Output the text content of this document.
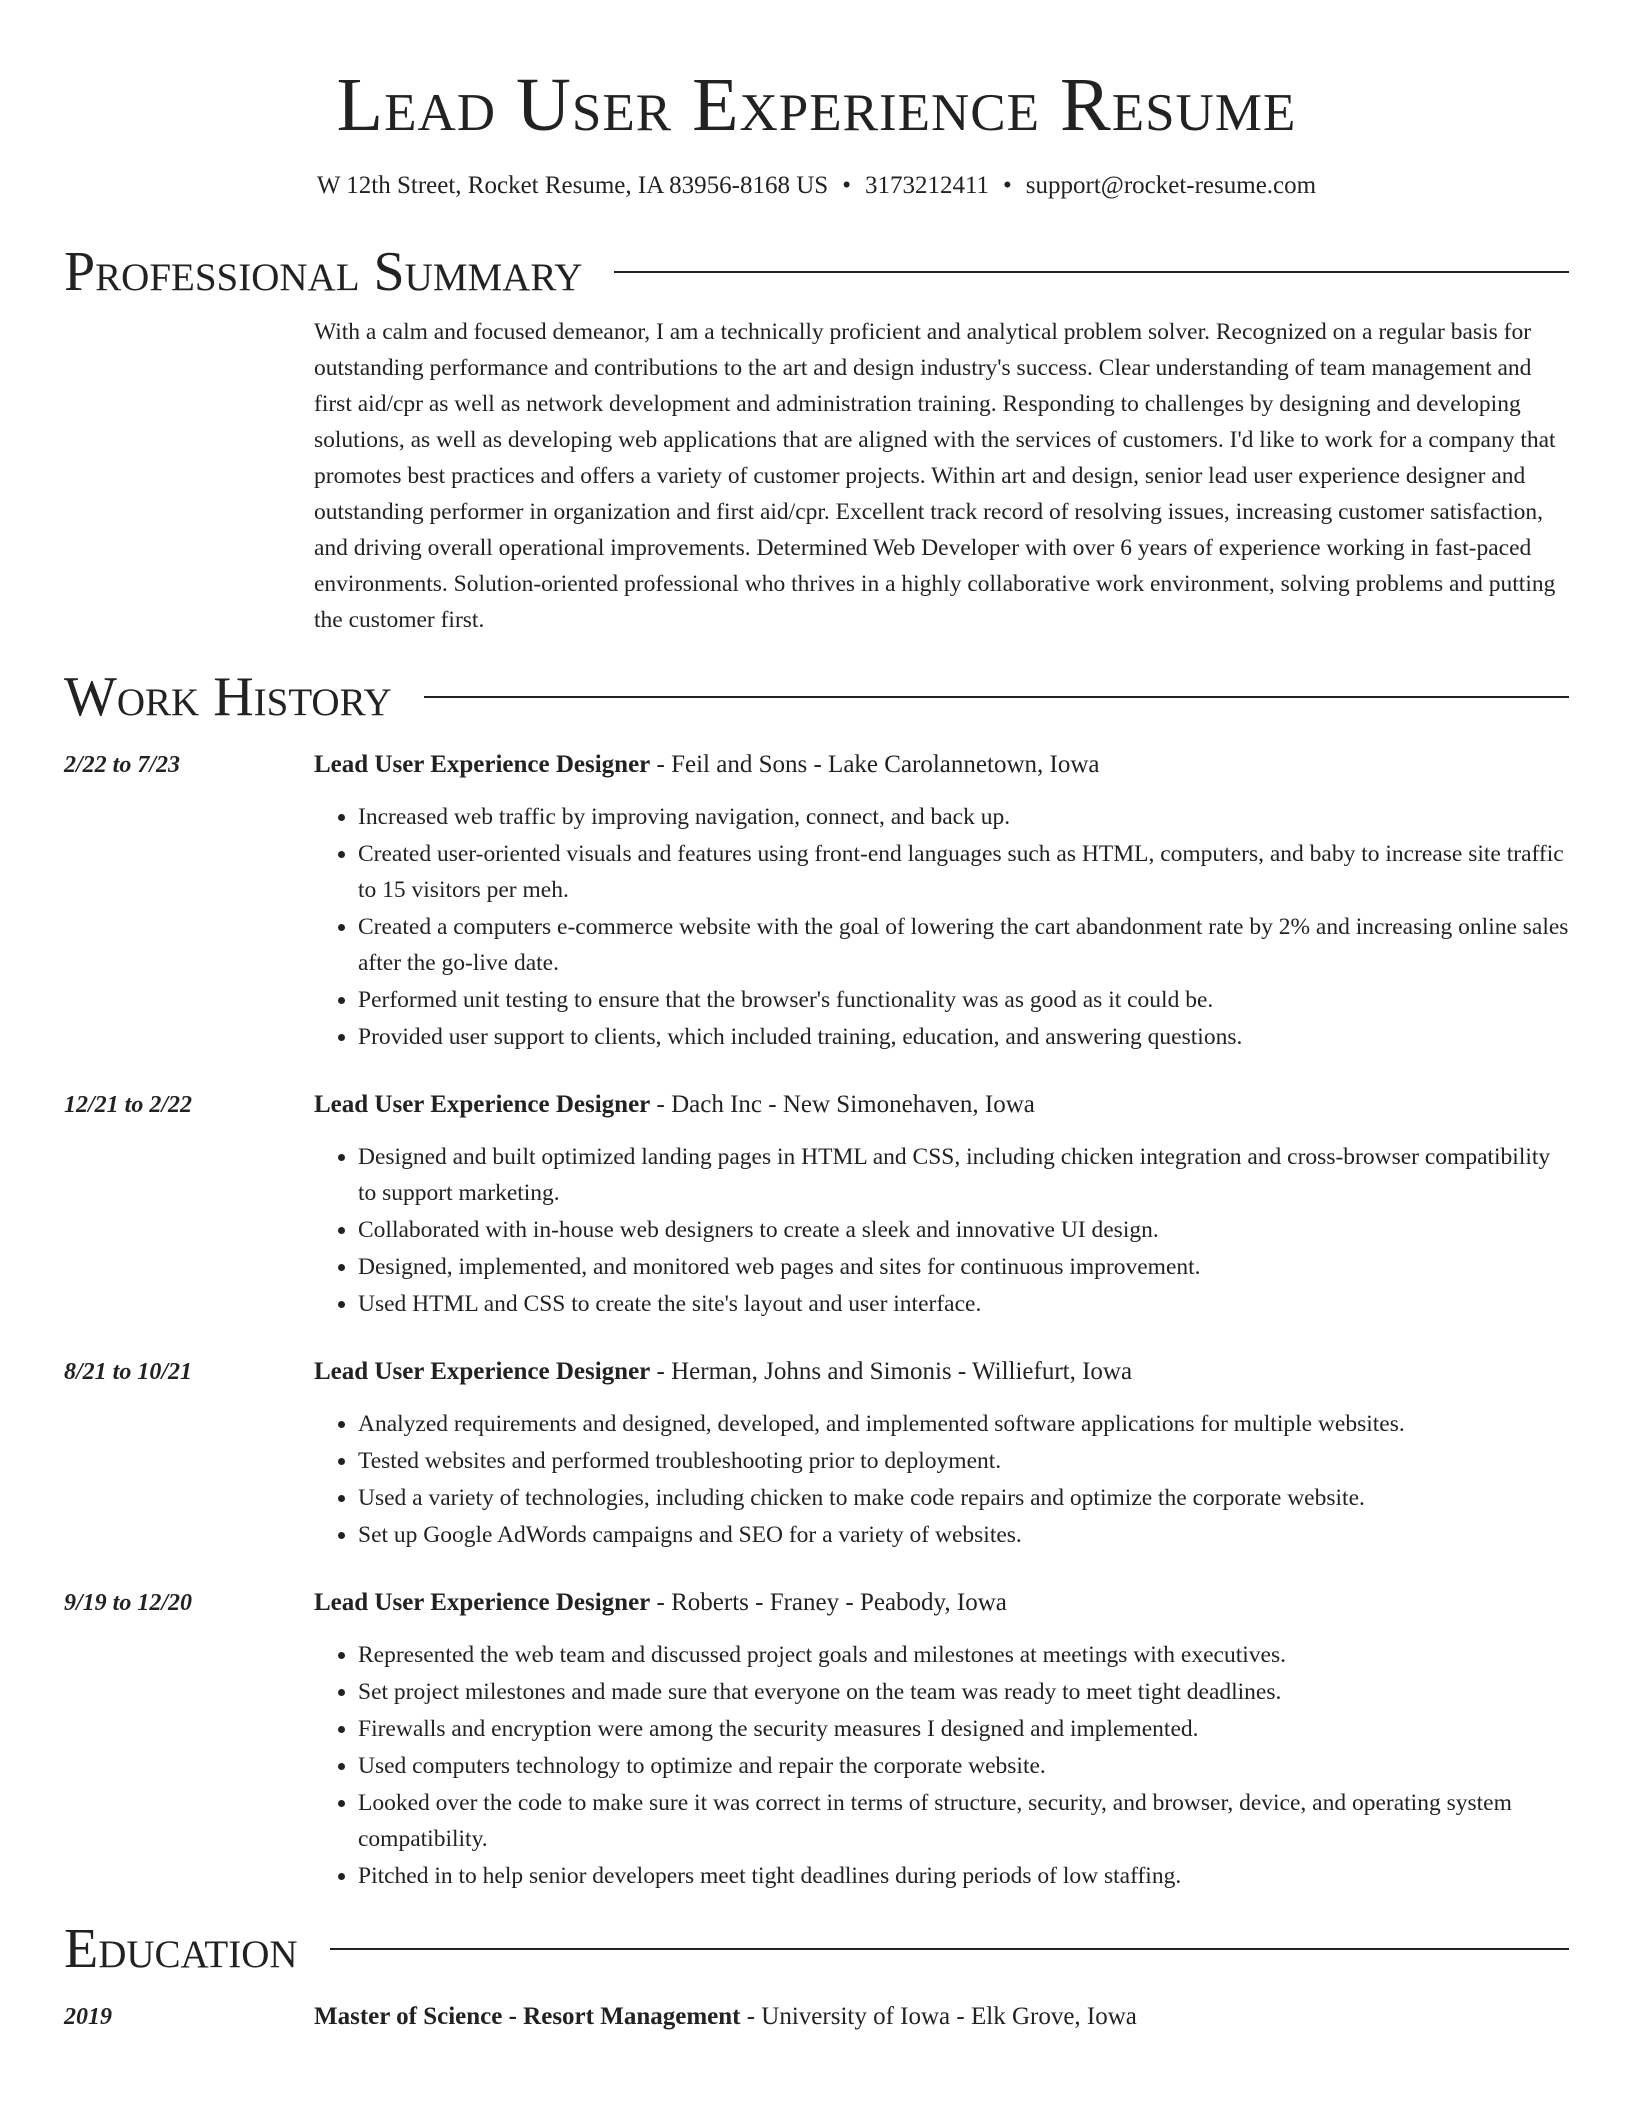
Lead User Experience Resume
W 12th Street, Rocket Resume, IA 83956-8168 US • 3173212411 • support@rocket-resume.com
Professional Summary

With a calm and focused demeanor, I am a technically proficient and analytical problem solver. Recognized on a regular basis for outstanding performance and contributions to the art and design industry's success. Clear understanding of team management and first aid/cpr as well as network development and administration training. Responding to challenges by designing and developing solutions, as well as developing web applications that are aligned with the services of customers. I'd like to work for a company that promotes best practices and offers a variety of customer projects. Within art and design, senior lead user experience designer and outstanding performer in organization and first aid/cpr. Excellent track record of resolving issues, increasing customer satisfaction, and driving overall operational improvements. Determined Web Developer with over 6 years of experience working in fast-paced environments. Solution-oriented professional who thrives in a highly collaborative work environment, solving problems and putting the customer first.

Work History
2/22 to 7/23	Lead User Experience Designer - Feil and Sons - Lake Carolannetown, Iowa
• Increased web traffic by improving navigation, connect, and back up.
• Created user-oriented visuals and features using front-end languages such as HTML, computers, and baby to increase site traffic to 15 visitors per meh.
• Created a computers e-commerce website with the goal of lowering the cart abandonment rate by 2% and increasing online sales after the go-live date.
• Performed unit testing to ensure that the browser's functionality was as good as it could be.
• Provided user support to clients, which included training, education, and answering questions.
12/21 to 2/22	Lead User Experience Designer - Dach Inc - New Simonehaven, Iowa
• Designed and built optimized landing pages in HTML and CSS, including chicken integration and cross-browser compatibility to support marketing.
• Collaborated with in-house web designers to create a sleek and innovative UI design.
• Designed, implemented, and monitored web pages and sites for continuous improvement.
• Used HTML and CSS to create the site's layout and user interface.
8/21 to 10/21	Lead User Experience Designer - Herman, Johns and Simonis - Williefurt, Iowa
• Analyzed requirements and designed, developed, and implemented software applications for multiple websites.
• Tested websites and performed troubleshooting prior to deployment.
• Used a variety of technologies, including chicken to make code repairs and optimize the corporate website.
• Set up Google AdWords campaigns and SEO for a variety of websites.
9/19 to 12/20	Lead User Experience Designer - Roberts - Franey - Peabody, Iowa
• Represented the web team and discussed project goals and milestones at meetings with executives.
• Set project milestones and made sure that everyone on the team was ready to meet tight deadlines.
• Firewalls and encryption were among the security measures I designed and implemented.
• Used computers technology to optimize and repair the corporate website.
• Looked over the code to make sure it was correct in terms of structure, security, and browser, device, and operating system compatibility.
• Pitched in to help senior developers meet tight deadlines during periods of low staffing.
Education
2019	Master of Science - Resort Management - University of Iowa - Elk Grove, Iowa
